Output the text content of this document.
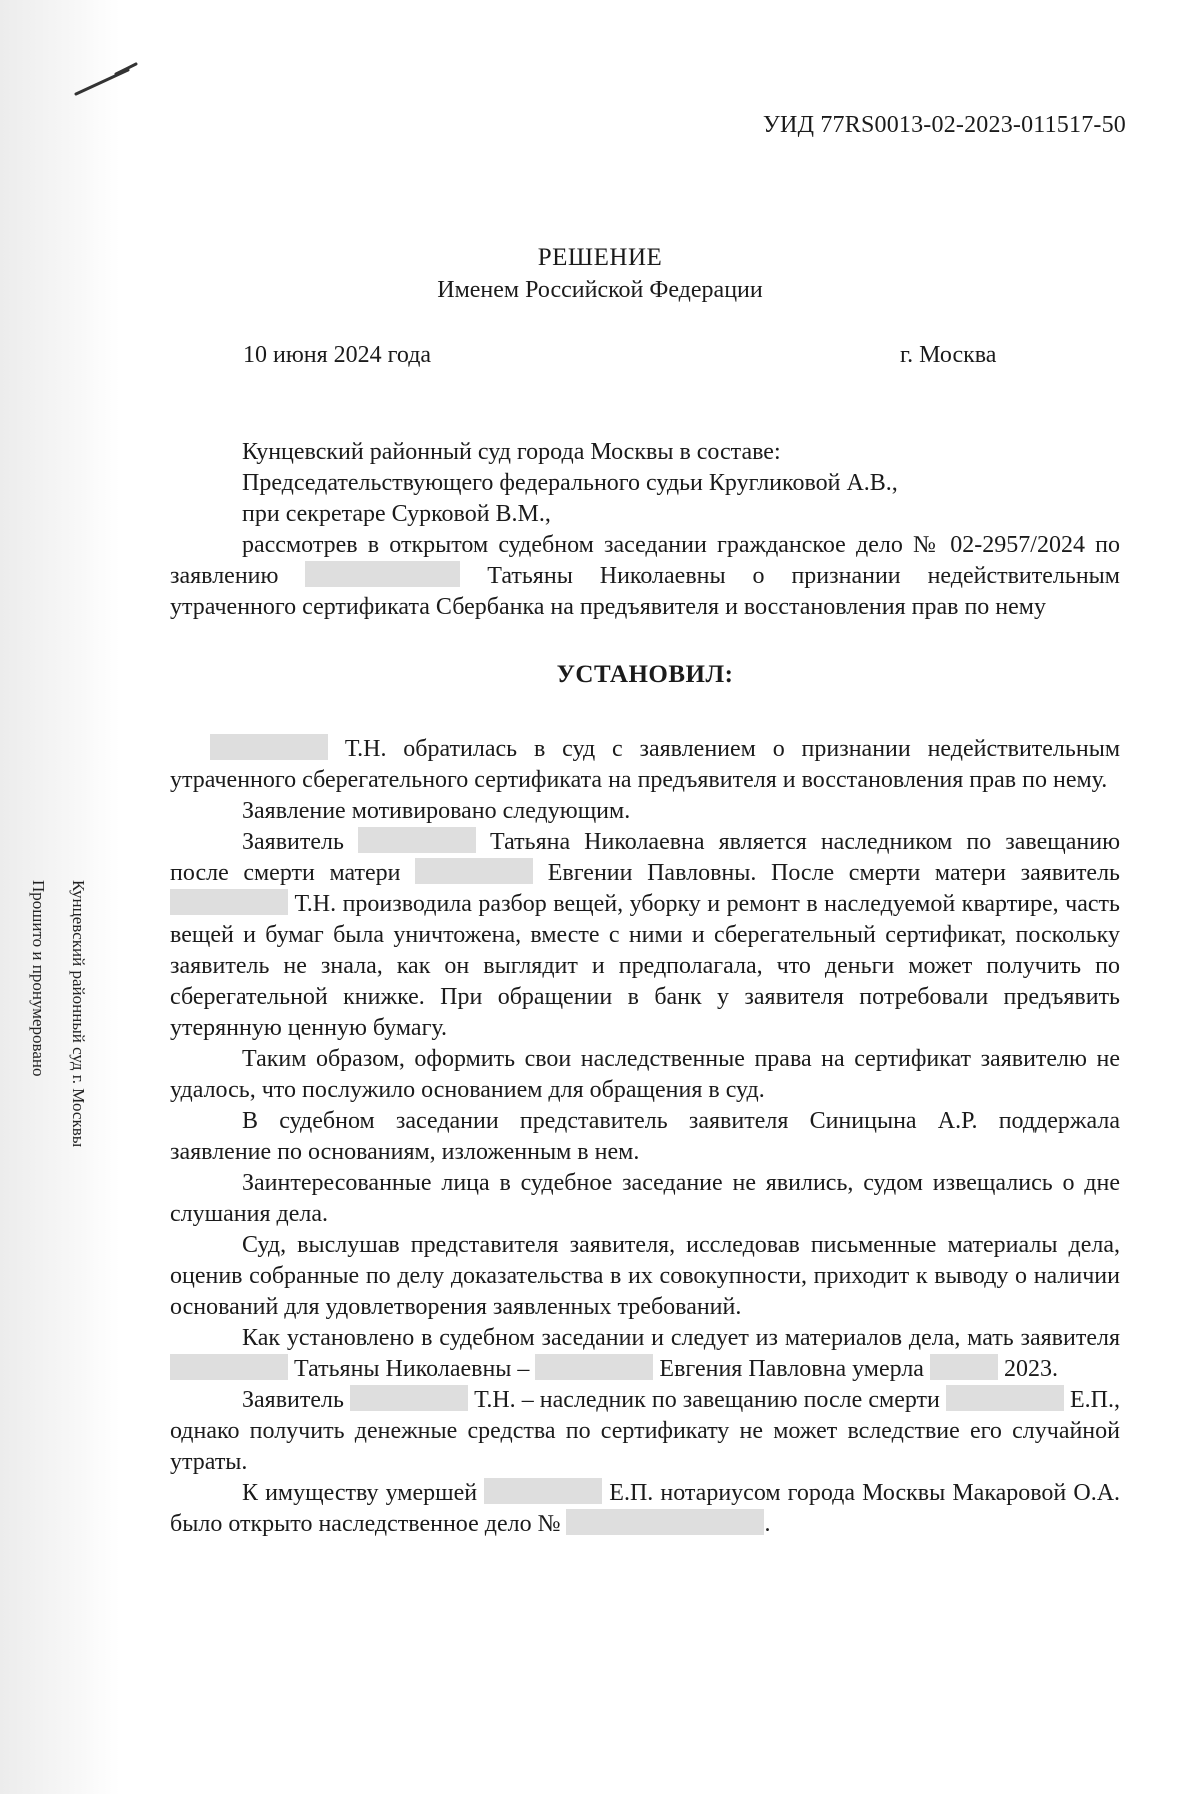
УИД 77RS0013-02-2023-011517-50
РЕШЕНИЕ
Именем Российской Федерации
10 июня 2024 года	г. Москва

Кунцевский районный суд города Москвы в составе:

Председательствующего федерального судьи Кругликовой А.В.,

при секретаре Сурковой В.М.,

рассмотрев в открытом судебном заседании гражданское дело № 02-2957/2024 по заявлению	Татьяны Николаевны о признании недействительным утраченного сертификата Сбербанка на предъявителя и восстановления прав по нему

УСТАНОВИЛ:

Т.Н. обратилась в суд с заявлением о признании недействительным утраченного сберегательного сертификата на предъявителя и восстановления прав по нему.

Заявление мотивировано следующим.

Заявитель	Татьяна Николаевна является наследником по завещанию после смерти матери	Евгении Павловны. После смерти матери заявитель  Т.Н. производила разбор вещей, уборку и ремонт в наследуемой квартире, часть вещей и бумаг была уничтожена, вместе с ними и сберегательный сертификат, поскольку заявитель не знала, как он выглядит и предполагала, что деньги может получить по сберегательной книжке. При обращении в банк у заявителя потребовали предъявить утерянную ценную бумагу.

Таким образом, оформить свои наследственные права на сертификат заявителю не удалось, что послужило основанием для обращения в суд.

В судебном заседании представитель заявителя Синицына А.Р. поддержала заявление по основаниям, изложенным в нем.

Заинтересованные лица в судебное заседание не явились, судом извещались о дне слушания дела.

Суд, выслушав представителя заявителя, исследовав письменные материалы дела, оценив собранные по делу доказательства в их совокупности, приходит к выводу о наличии оснований для удовлетворения заявленных требований.

Как установлено в судебном заседании и следует из материалов дела, мать заявителя  Татьяны Николаевны –	Евгения Павловна умерла	2023.

Заявитель	Т.Н. – наследник по завещанию после смерти	Е.П., однако получить денежные средства по сертификату не может вследствие его случайной утраты.

К имуществу умершей	Е.П. нотариусом города Москвы Макаровой О.А. было открыто наследственное дело №	.

Кунцевский районный суд г. Москвы
Прошито и пронумеровано
